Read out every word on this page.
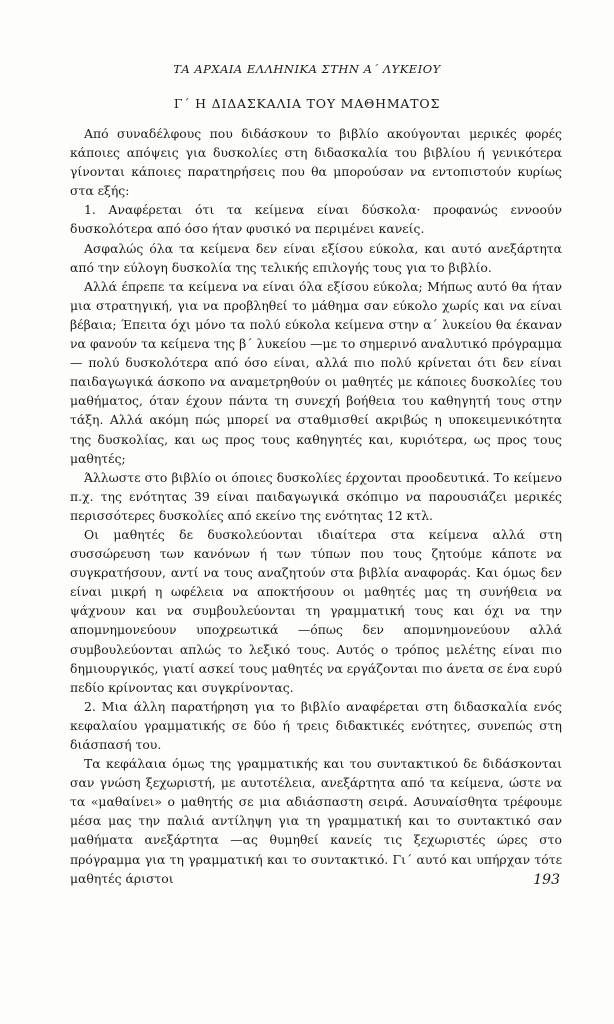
ΤΑ ΑΡΧΑΙΑ ΕΛΛΗΝΙΚΑ ΣΤΗΝ Α΄ ΛΥΚΕΙΟΥ
Γ΄ Η ΔΙΔΑΣΚΑΛΙΑ ΤΟΥ ΜΑΘΗΜΑΤΟΣ

Από συναδέλφους που διδάσκουν το βιβλίο ακούγονται μερικές φορές κάποιες απόψεις για δυσκολίες στη διδασκαλία του βιβλίου ή γενικότερα γίνονται κάποιες παρατηρήσεις που θα μπορούσαν να εντοπιστούν κυρίως στα εξής:

1. Αναφέρεται ότι τα κείμενα είναι δύσκολα· προφανώς εννοούν δυσκολότερα από όσο ήταν φυσικό να περιμένει κανείς.

Ασφαλώς όλα τα κείμενα δεν είναι εξίσου εύκολα, και αυτό ανεξάρτητα από την εύλογη δυσκολία της τελικής επιλογής τους για το βιβλίο.

Αλλά έπρεπε τα κείμενα να είναι όλα εξίσου εύκολα; Μήπως αυτό θα ήταν μια στρατηγική, για να προβληθεί το μάθημα σαν εύκολο χωρίς και να είναι βέβαια; Έπειτα όχι μόνο τα πολύ εύκολα κείμενα στην α΄ λυκείου θα έκαναν να φανούν τα κείμενα της β΄ λυκείου —με το σημερινό αναλυτικό πρόγραμμα— πολύ δυσκολότερα από όσο είναι, αλλά πιο πολύ κρίνεται ότι δεν είναι παιδαγωγικά άσκοπο να αναμετρηθούν οι μαθητές με κάποιες δυσκολίες του μαθήματος, όταν έχουν πάντα τη συνεχή βοήθεια του καθηγητή τους στην τάξη. Αλλά ακόμη πώς μπορεί να σταθμισθεί ακριβώς η υποκειμενικότητα της δυσκολίας, και ως προς τους καθηγητές και, κυριότερα, ως προς τους μαθητές;

Άλλωστε στο βιβλίο οι όποιες δυσκολίες έρχονται προοδευτικά. Το κείμενο π.χ. της ενότητας 39 είναι παιδαγωγικά σκόπιμο να παρουσιάζει μερικές περισσότερες δυσκολίες από εκείνο της ενότητας 12 κτλ.

Οι μαθητές δε δυσκολεύονται ιδιαίτερα στα κείμενα αλλά στη συσσώρευση των κανόνων ή των τύπων που τους ζητούμε κάποτε να συγκρατήσουν, αντί να τους αναζητούν στα βιβλία αναφοράς. Και όμως δεν είναι μικρή η ωφέλεια να αποκτήσουν οι μαθητές μας τη συνήθεια να ψάχνουν και να συμβουλεύονται τη γραμματική τους και όχι να την απομνημονεύουν υποχρεωτικά —όπως δεν απομνημονεύουν αλλά συμβουλεύονται απλώς το λεξικό τους. Αυτός ο τρόπος μελέτης είναι πιο δημιουργικός, γιατί ασκεί τους μαθητές να εργάζονται πιο άνετα σε ένα ευρύ πεδίο κρίνοντας και συγκρίνοντας.

2. Μια άλλη παρατήρηση για το βιβλίο αναφέρεται στη διδασκαλία ενός κεφαλαίου γραμματικής σε δύο ή τρεις διδακτικές ενότητες, συνεπώς στη διάσπασή του.

Τα κεφάλαια όμως της γραμματικής και του συντακτικού δε διδάσκονται σαν γνώση ξεχωριστή, με αυτοτέλεια, ανεξάρτητα από τα κείμενα, ώστε να τα «μαθαίνει» ο μαθητής σε μια αδιάσπαστη σειρά. Ασυναίσθητα τρέφουμε μέσα μας την παλιά αντίληψη για τη γραμματική και το συντακτικό σαν μαθήματα ανεξάρτητα —ας θυμηθεί κανείς τις ξεχωριστές ώρες στο πρόγραμμα για τη γραμματική και το συντακτικό. Γι΄ αυτό και υπήρχαν τότε μαθητές άριστοι	193
